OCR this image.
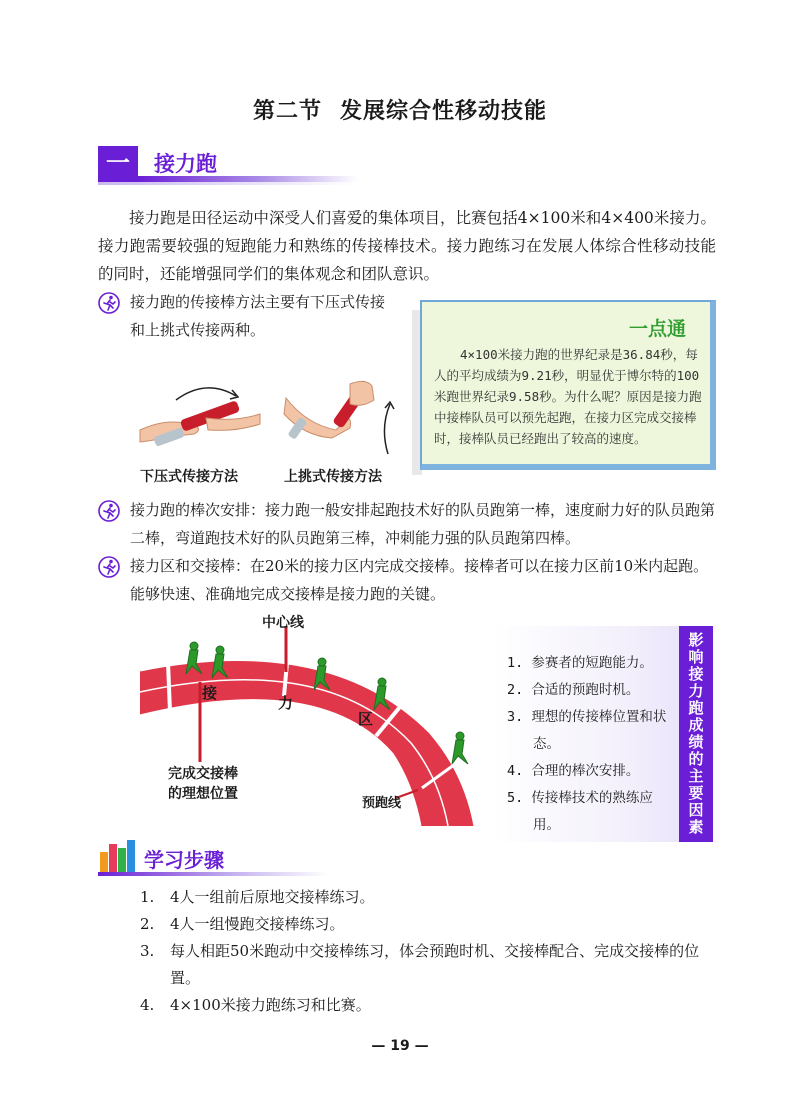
第二节 发展综合性移动技能
一	接力跑
接力跑是田径运动中深受人们喜爱的集体项目，比赛包括4×100米和4×400米接力。接力跑需要较强的短跑能力和熟练的传接棒技术。接力跑练习在发展人体综合性移动技能的同时，还能增强同学们的集体观念和团队意识。
接力跑的传接棒方法主要有下压式传接和上挑式传接两种。
下压式传接方法	上挑式传接方法
一点通
4×100米接力跑的世界纪录是36.84秒，每人的平均成绩为9.21秒，明显优于博尔特的100米跑世界纪录9.58秒。为什么呢？原因是接力跑中接棒队员可以预先起跑，在接力区完成交接棒时，接棒队员已经跑出了较高的速度。
接力跑的棒次安排：接力跑一般安排起跑技术好的队员跑第一棒，速度耐力好的队员跑第二棒，弯道跑技术好的队员跑第三棒，冲刺能力强的队员跑第四棒。
接力区和交接棒：在20米的接力区内完成交接棒。接棒者可以在接力区前10米内起跑。能够快速、准确地完成交接棒是接力跑的关键。
中心线
接
力
区
完成交接棒
的理想位置
预跑线
1. 参赛者的短跑能力。
2. 合适的预跑时机。
3. 理想的传接棒位置和状态。
4. 合理的棒次安排。
5. 传接棒技术的熟练应用。	影响接力跑成绩的主要因素
学习步骤
1. 4人一组前后原地交接棒练习。
2. 4人一组慢跑交接棒练习。
3. 每人相距50米跑动中交接棒练习，体会预跑时机、交接棒配合、完成交接棒的位置。
4. 4×100米接力跑练习和比赛。
— 19 —
